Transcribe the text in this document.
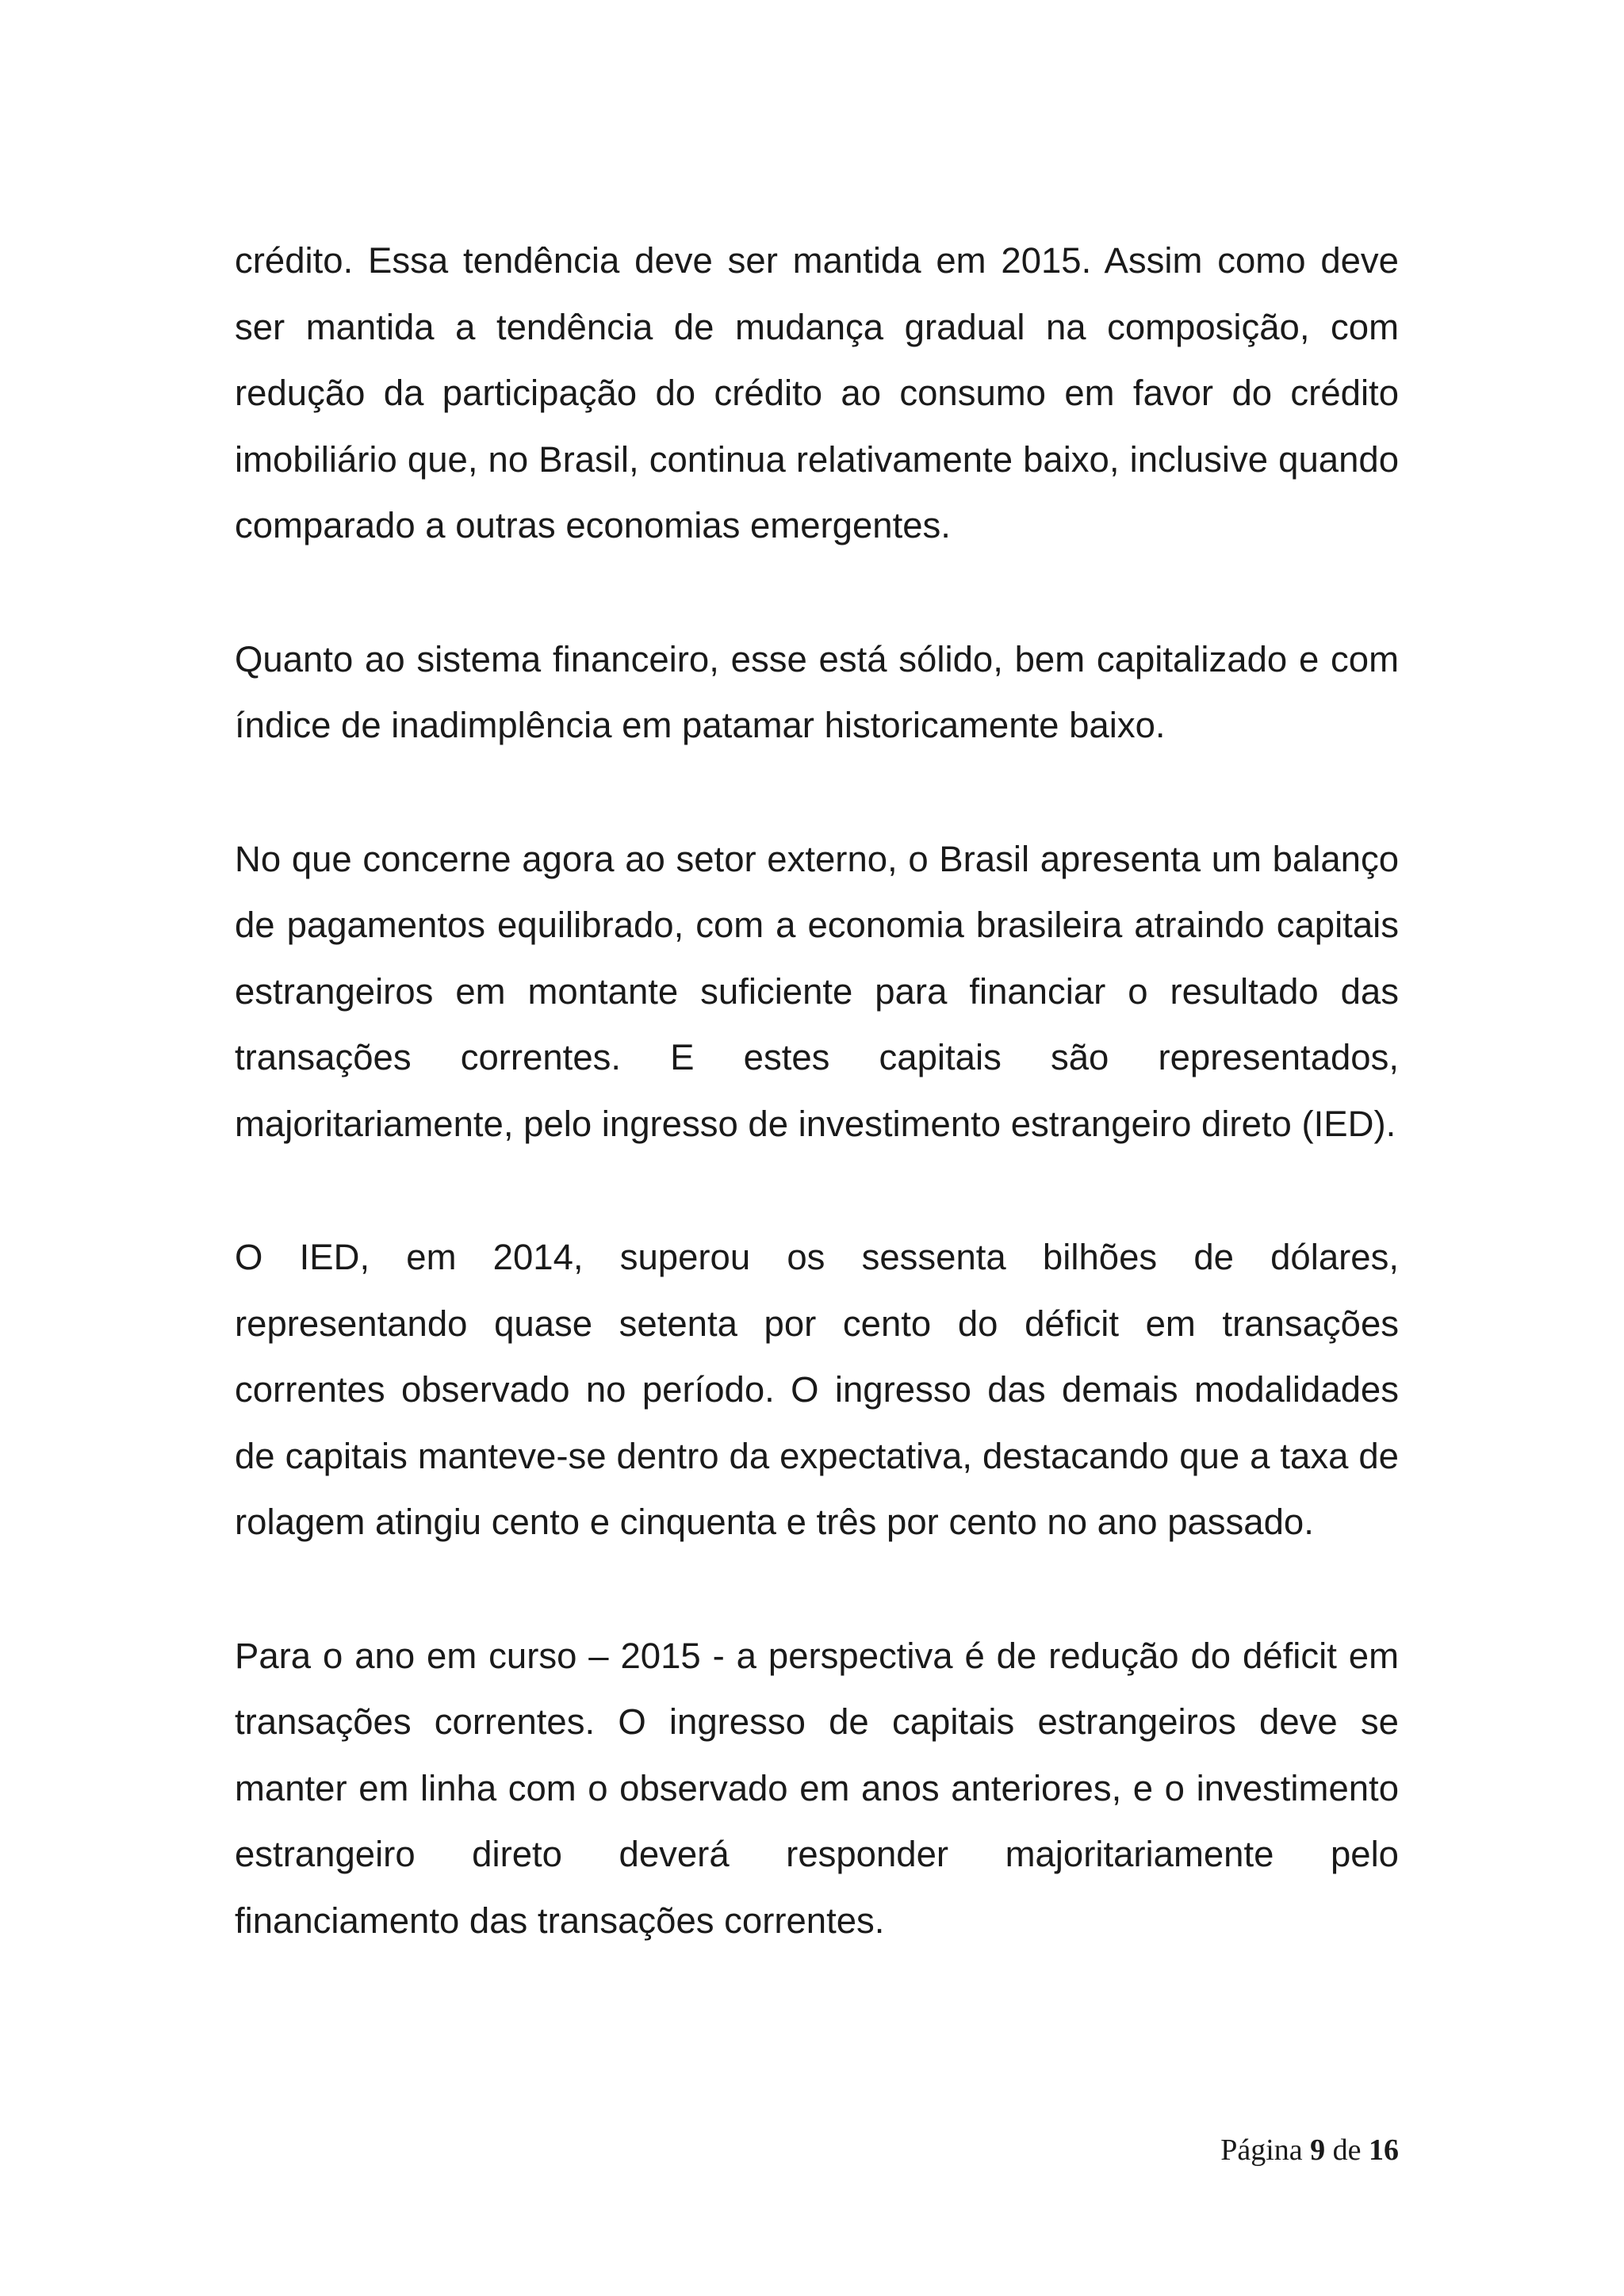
crédito. Essa tendência deve ser mantida em 2015. Assim como deve ser mantida a tendência de mudança gradual na composição, com redução da participação do crédito ao consumo em favor do crédito imobiliário que, no Brasil, continua relativamente baixo, inclusive quando comparado a outras economias emergentes.

Quanto ao sistema financeiro, esse está sólido, bem capitalizado e com índice de inadimplência em patamar historicamente baixo.

No que concerne agora ao setor externo, o Brasil apresenta um balanço de pagamentos equilibrado, com a economia brasileira atraindo capitais estrangeiros em montante suficiente para financiar o resultado das transações correntes. E estes capitais são representados, majoritariamente, pelo ingresso de investimento estrangeiro direto (IED).

O IED, em 2014, superou os sessenta bilhões de dólares, representando quase setenta por cento do déficit em transações correntes observado no período. O ingresso das demais modalidades de capitais manteve-se dentro da expectativa, destacando que a taxa de rolagem atingiu cento e cinquenta e três por cento no ano passado.

Para o ano em curso – 2015 - a perspectiva é de redução do déficit em transações correntes. O ingresso de capitais estrangeiros deve se manter em linha com o observado em anos anteriores, e o investimento estrangeiro direto deverá responder majoritariamente pelo financiamento das transações correntes.

Página 9 de 16
